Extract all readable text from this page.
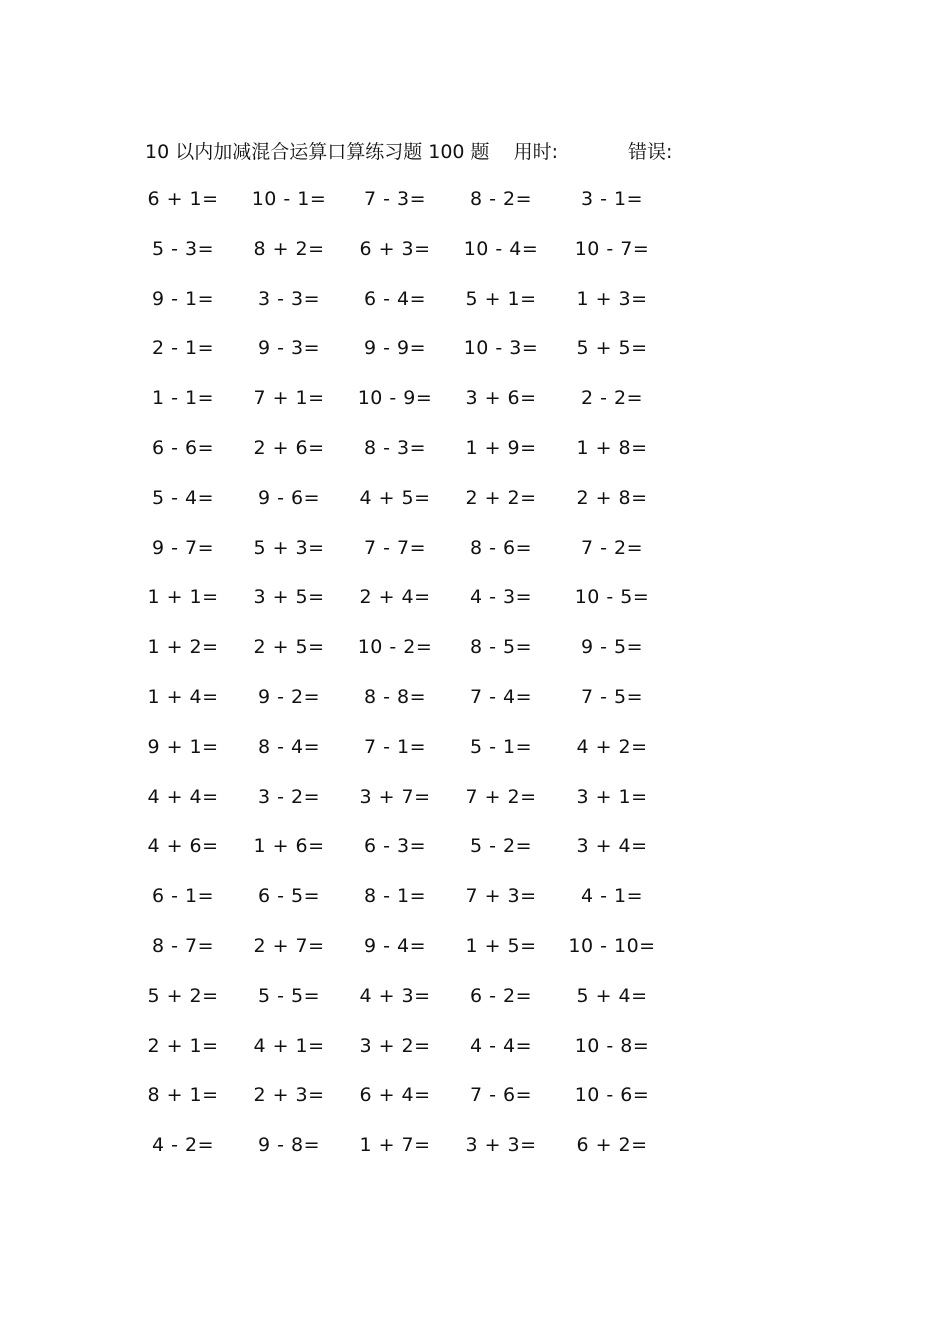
10 以内加减混合运算口算练习题 100 题 用时:	错误:
6 + 1=	10 - 1=	7 - 3=	8 - 2=	3 - 1=
5 - 3=	8 + 2=	6 + 3=	10 - 4=	10 - 7=
9 - 1=	3 - 3=	6 - 4=	5 + 1=	1 + 3=
2 - 1=	9 - 3=	9 - 9=	10 - 3=	5 + 5=
1 - 1=	7 + 1=	10 - 9=	3 + 6=	2 - 2=
6 - 6=	2 + 6=	8 - 3=	1 + 9=	1 + 8=
5 - 4=	9 - 6=	4 + 5=	2 + 2=	2 + 8=
9 - 7=	5 + 3=	7 - 7=	8 - 6=	7 - 2=
1 + 1=	3 + 5=	2 + 4=	4 - 3=	10 - 5=
1 + 2=	2 + 5=	10 - 2=	8 - 5=	9 - 5=
1 + 4=	9 - 2=	8 - 8=	7 - 4=	7 - 5=
9 + 1=	8 - 4=	7 - 1=	5 - 1=	4 + 2=
4 + 4=	3 - 2=	3 + 7=	7 + 2=	3 + 1=
4 + 6=	1 + 6=	6 - 3=	5 - 2=	3 + 4=
6 - 1=	6 - 5=	8 - 1=	7 + 3=	4 - 1=
8 - 7=	2 + 7=	9 - 4=	1 + 5=	10 - 10=
5 + 2=	5 - 5=	4 + 3=	6 - 2=	5 + 4=
2 + 1=	4 + 1=	3 + 2=	4 - 4=	10 - 8=
8 + 1=	2 + 3=	6 + 4=	7 - 6=	10 - 6=
4 - 2=	9 - 8=	1 + 7=	3 + 3=	6 + 2=
